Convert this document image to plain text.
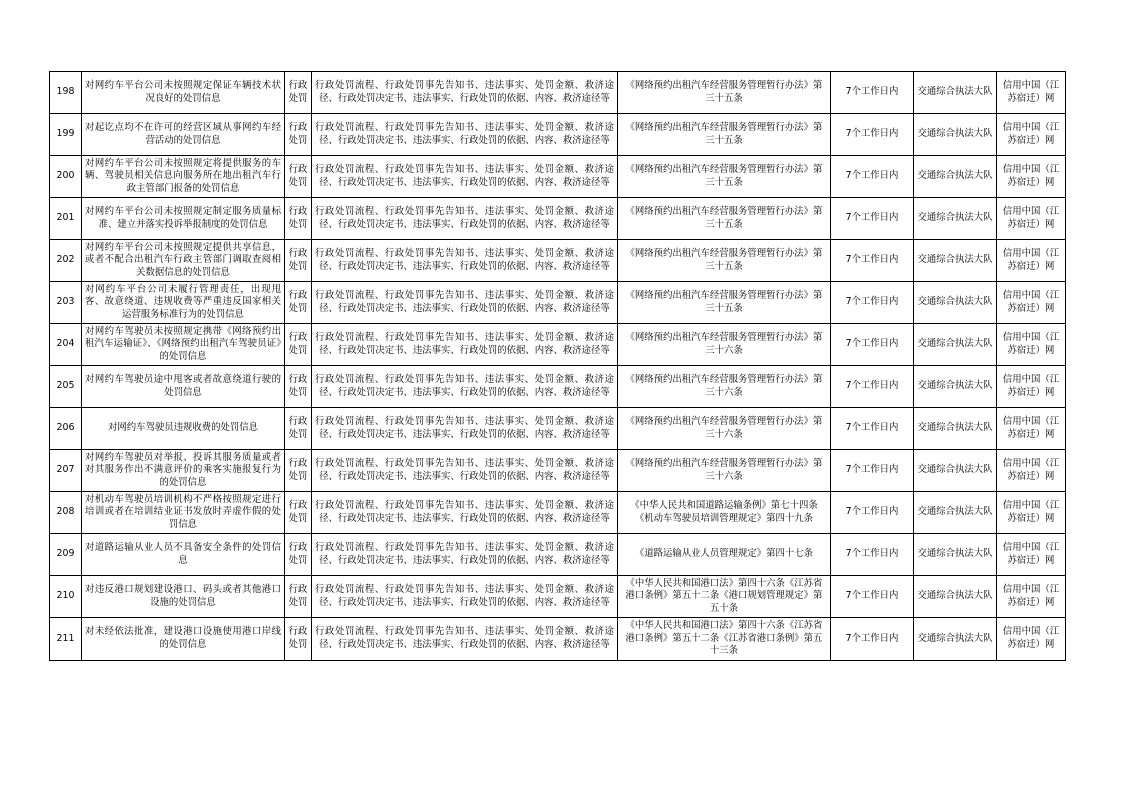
198	对网约车平台公司未按照规定保证车辆技术状况良好的处罚信息	行政处罚	行政处罚流程、行政处罚事先告知书、违法事实、处罚金额、救济途径、行政处罚决定书、违法事实、行政处罚的依据、内容、救济途径等	《网络预约出租汽车经营服务管理暂行办法》第三十五条	7个工作日内	交通综合执法大队	信用中国（江苏宿迁）网
199	对起讫点均不在许可的经营区域从事网约车经营活动的处罚信息	行政处罚	行政处罚流程、行政处罚事先告知书、违法事实、处罚金额、救济途径、行政处罚决定书、违法事实、行政处罚的依据、内容、救济途径等	《网络预约出租汽车经营服务管理暂行办法》第三十五条	7个工作日内	交通综合执法大队	信用中国（江苏宿迁）网
200	对网约车平台公司未按照规定将提供服务的车辆、驾驶员相关信息向服务所在地出租汽车行政主管部门报备的处罚信息	行政处罚	行政处罚流程、行政处罚事先告知书、违法事实、处罚金额、救济途径、行政处罚决定书、违法事实、行政处罚的依据、内容、救济途径等	《网络预约出租汽车经营服务管理暂行办法》第三十五条	7个工作日内	交通综合执法大队	信用中国（江苏宿迁）网
201	对网约车平台公司未按照规定制定服务质量标准、建立并落实投诉举报制度的处罚信息	行政处罚	行政处罚流程、行政处罚事先告知书、违法事实、处罚金额、救济途径、行政处罚决定书、违法事实、行政处罚的依据、内容、救济途径等	《网络预约出租汽车经营服务管理暂行办法》第三十五条	7个工作日内	交通综合执法大队	信用中国（江苏宿迁）网
202	对网约车平台公司未按照规定提供共享信息，或者不配合出租汽车行政主管部门调取查阅相关数据信息的处罚信息	行政处罚	行政处罚流程、行政处罚事先告知书、违法事实、处罚金额、救济途径、行政处罚决定书、违法事实、行政处罚的依据、内容、救济途径等	《网络预约出租汽车经营服务管理暂行办法》第三十五条	7个工作日内	交通综合执法大队	信用中国（江苏宿迁）网
203	对网约车平台公司未履行管理责任，出现甩客、故意绕道、违规收费等严重违反国家相关运营服务标准行为的处罚信息	行政处罚	行政处罚流程、行政处罚事先告知书、违法事实、处罚金额、救济途径、行政处罚决定书、违法事实、行政处罚的依据、内容、救济途径等	《网络预约出租汽车经营服务管理暂行办法》第三十五条	7个工作日内	交通综合执法大队	信用中国（江苏宿迁）网
204	对网约车驾驶员未按照规定携带《网络预约出租汽车运输证》、《网络预约出租汽车驾驶员证》的处罚信息	行政处罚	行政处罚流程、行政处罚事先告知书、违法事实、处罚金额、救济途径、行政处罚决定书、违法事实、行政处罚的依据、内容、救济途径等	《网络预约出租汽车经营服务管理暂行办法》第三十六条	7个工作日内	交通综合执法大队	信用中国（江苏宿迁）网
205	对网约车驾驶员途中甩客或者故意绕道行驶的处罚信息	行政处罚	行政处罚流程、行政处罚事先告知书、违法事实、处罚金额、救济途径、行政处罚决定书、违法事实、行政处罚的依据、内容、救济途径等	《网络预约出租汽车经营服务管理暂行办法》第三十六条	7个工作日内	交通综合执法大队	信用中国（江苏宿迁）网
206	对网约车驾驶员违规收费的处罚信息	行政处罚	行政处罚流程、行政处罚事先告知书、违法事实、处罚金额、救济途径、行政处罚决定书、违法事实、行政处罚的依据、内容、救济途径等	《网络预约出租汽车经营服务管理暂行办法》第三十六条	7个工作日内	交通综合执法大队	信用中国（江苏宿迁）网
207	对网约车驾驶员对举报、投诉其服务质量或者对其服务作出不满意评价的乘客实施报复行为的处罚信息	行政处罚	行政处罚流程、行政处罚事先告知书、违法事实、处罚金额、救济途径、行政处罚决定书、违法事实、行政处罚的依据、内容、救济途径等	《网络预约出租汽车经营服务管理暂行办法》第三十六条	7个工作日内	交通综合执法大队	信用中国（江苏宿迁）网
208	对机动车驾驶员培训机构不严格按照规定进行培训或者在培训结业证书发放时弄虚作假的处罚信息	行政处罚	行政处罚流程、行政处罚事先告知书、违法事实、处罚金额、救济途径、行政处罚决定书、违法事实、行政处罚的依据、内容、救济途径等	《中华人民共和国道路运输条例》第七十四条《机动车驾驶员培训管理规定》第四十九条	7个工作日内	交通综合执法大队	信用中国（江苏宿迁）网
209	对道路运输从业人员不具备安全条件的处罚信息	行政处罚	行政处罚流程、行政处罚事先告知书、违法事实、处罚金额、救济途径、行政处罚决定书、违法事实、行政处罚的依据、内容、救济途径等	《道路运输从业人员管理规定》第四十七条	7个工作日内	交通综合执法大队	信用中国（江苏宿迁）网
210	对违反港口规划建设港口、码头或者其他港口设施的处罚信息	行政处罚	行政处罚流程、行政处罚事先告知书、违法事实、处罚金额、救济途径、行政处罚决定书、违法事实、行政处罚的依据、内容、救济途径等	《中华人民共和国港口法》第四十六条《江苏省港口条例》第五十二条《港口规划管理规定》第五十条	7个工作日内	交通综合执法大队	信用中国（江苏宿迁）网
211	对未经依法批准，建设港口设施使用港口岸线的处罚信息	行政处罚	行政处罚流程、行政处罚事先告知书、违法事实、处罚金额、救济途径、行政处罚决定书、违法事实、行政处罚的依据、内容、救济途径等	《中华人民共和国港口法》第四十六条《江苏省港口条例》第五十二条《江苏省港口条例》第五十三条	7个工作日内	交通综合执法大队	信用中国（江苏宿迁）网
